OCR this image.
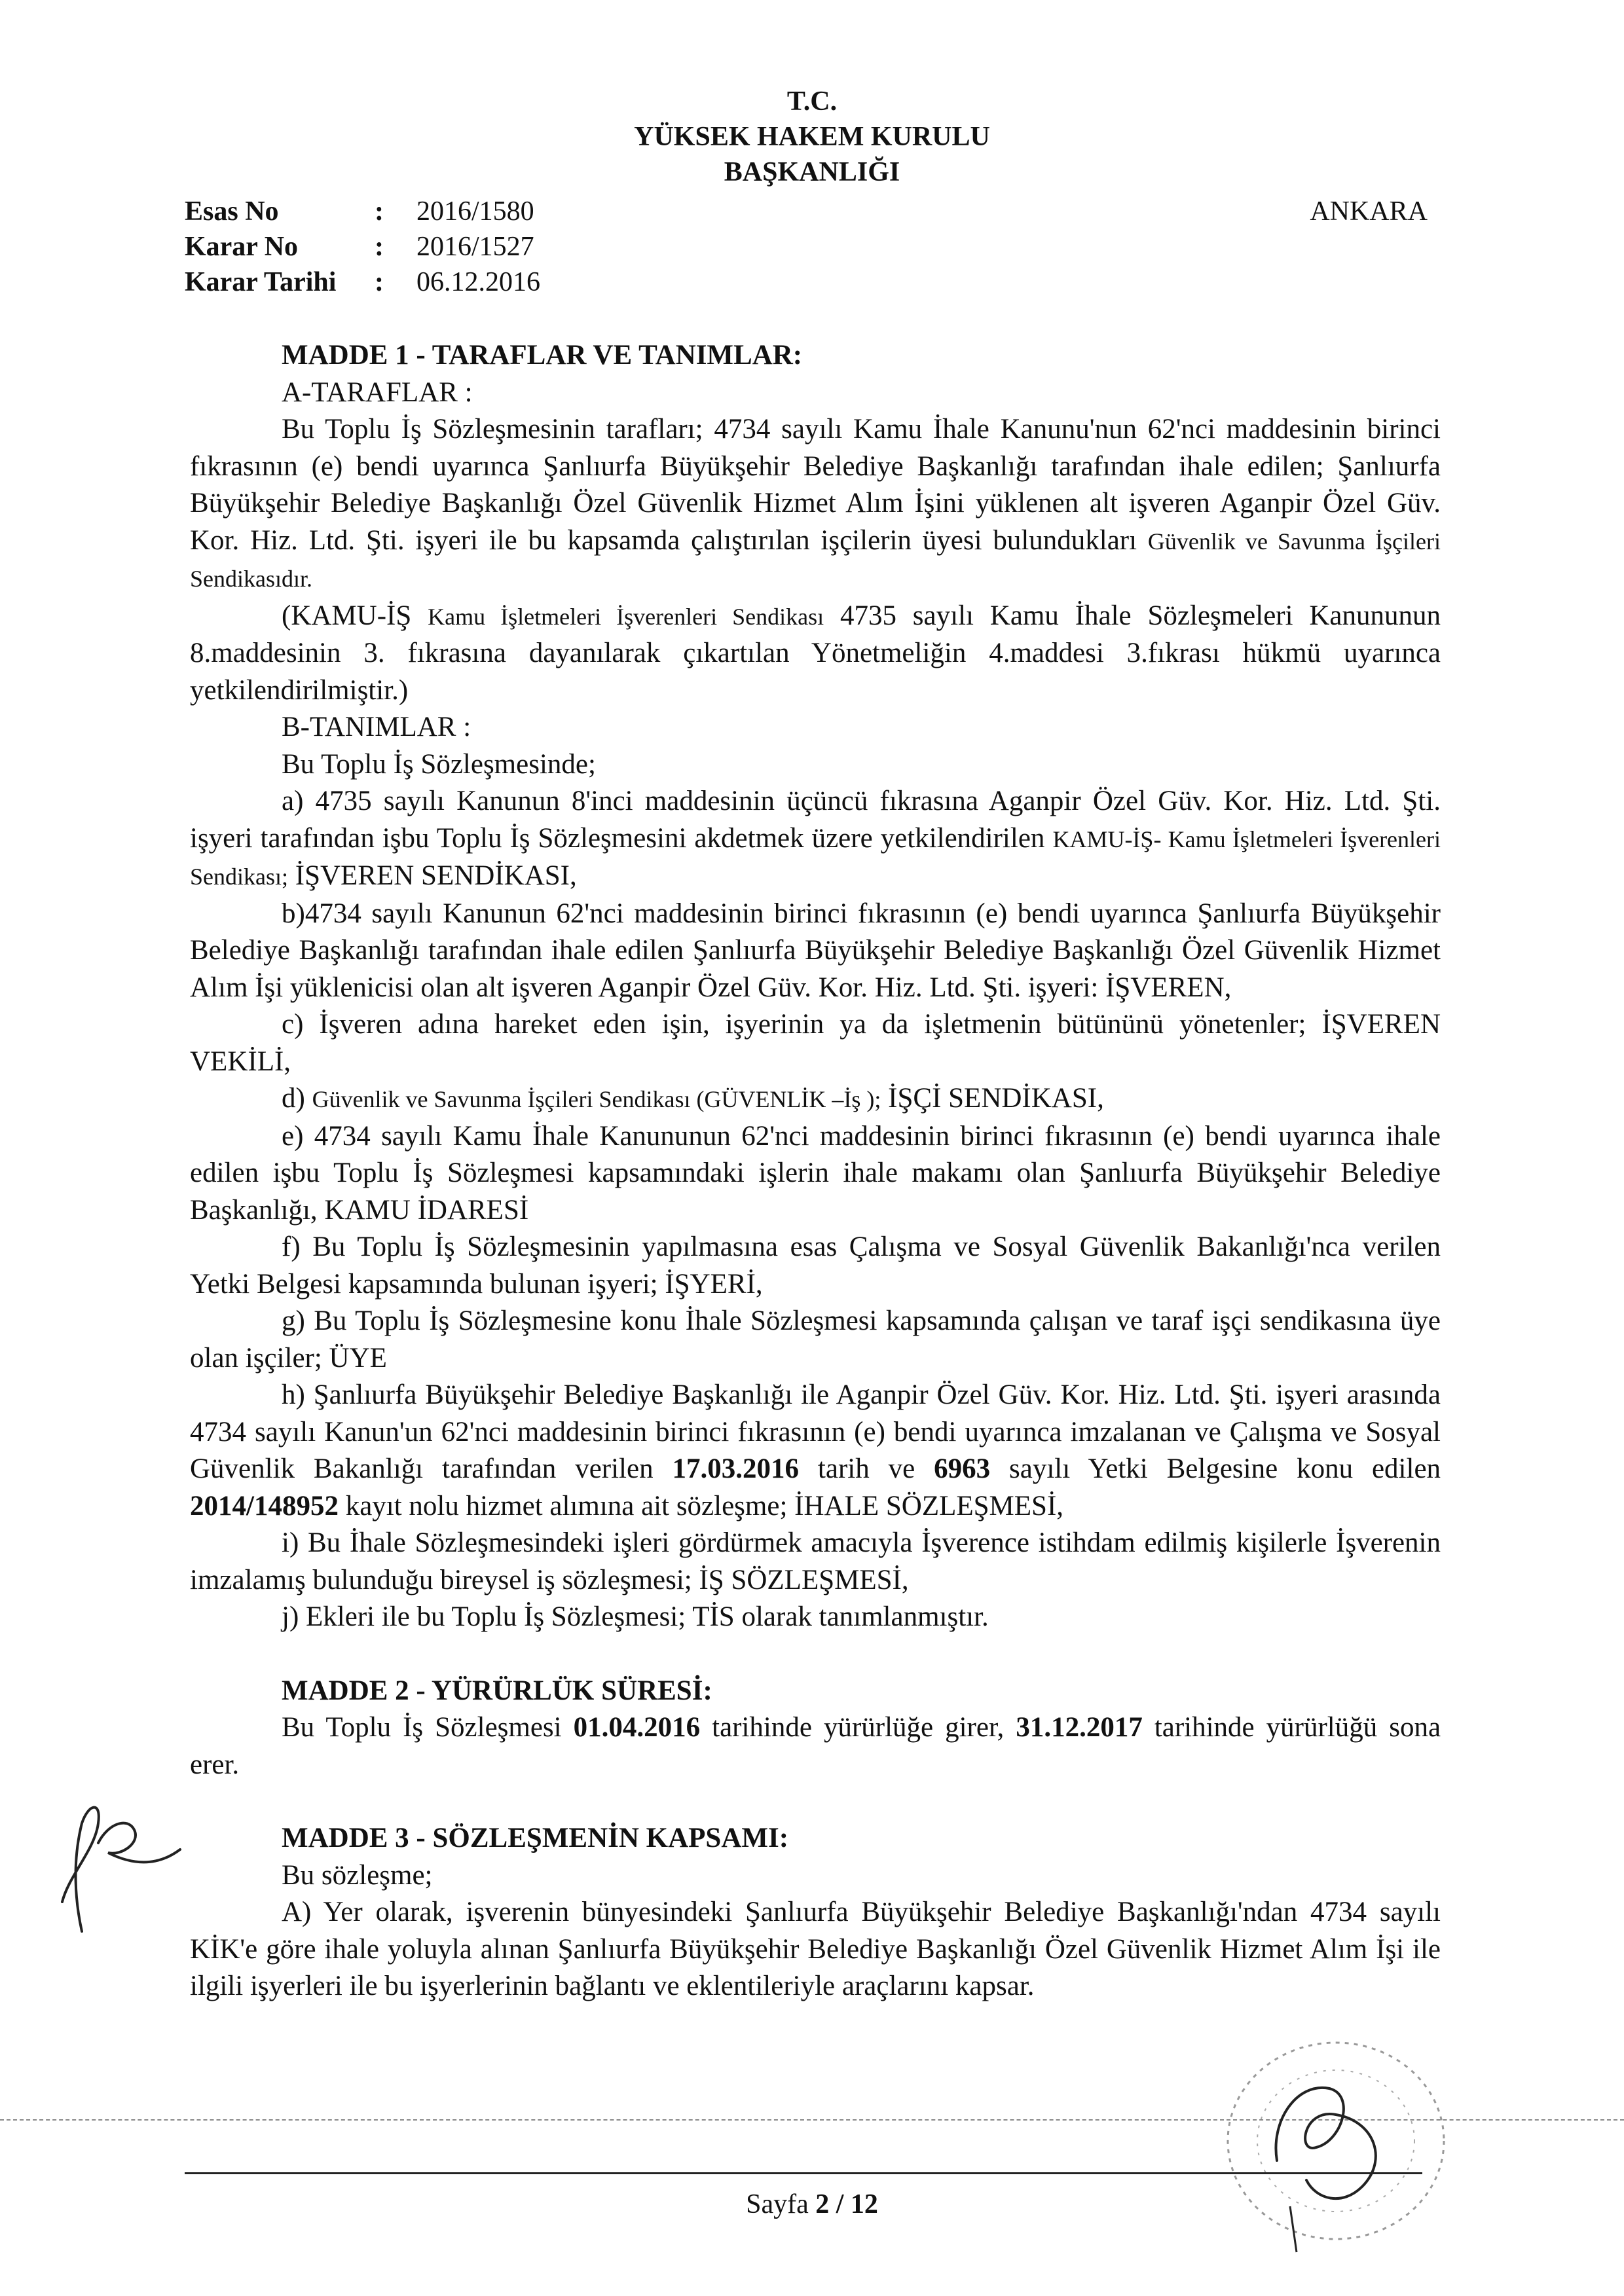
T.C.
YÜKSEK HAKEM KURULU
BAŞKANLIĞI
Esas No	:	2016/1580
Karar No	:	2016/1527
Karar Tarihi	:	06.12.2016
ANKARA

MADDE 1 - TARAFLAR VE TANIMLAR:

A-TARAFLAR :

Bu Toplu İş Sözleşmesinin tarafları; 4734 sayılı Kamu İhale Kanunu'nun 62'nci maddesinin birinci fıkrasının (e) bendi uyarınca Şanlıurfa Büyükşehir Belediye Başkanlığı tarafından ihale edilen; Şanlıurfa Büyükşehir Belediye Başkanlığı Özel Güvenlik Hizmet Alım İşini yüklenen alt işveren Aganpir Özel Güv. Kor. Hiz. Ltd. Şti. işyeri ile bu kapsamda çalıştırılan işçilerin üyesi bulundukları Güvenlik ve Savunma İşçileri Sendikasıdır.

(KAMU-İŞ Kamu İşletmeleri İşverenleri Sendikası 4735 sayılı Kamu İhale Sözleşmeleri Kanununun 8.maddesinin 3. fıkrasına dayanılarak çıkartılan Yönetmeliğin 4.maddesi 3.fıkrası hükmü uyarınca yetkilendirilmiştir.)

B-TANIMLAR :

Bu Toplu İş Sözleşmesinde;

a) 4735 sayılı Kanunun 8'inci maddesinin üçüncü fıkrasına Aganpir Özel Güv. Kor. Hiz. Ltd. Şti. işyeri tarafından işbu Toplu İş Sözleşmesini akdetmek üzere yetkilendirilen KAMU-İŞ- Kamu İşletmeleri İşverenleri Sendikası; İŞVEREN SENDİKASI,

b)4734 sayılı Kanunun 62'nci maddesinin birinci fıkrasının (e) bendi uyarınca Şanlıurfa Büyükşehir Belediye Başkanlığı tarafından ihale edilen Şanlıurfa Büyükşehir Belediye Başkanlığı Özel Güvenlik Hizmet Alım İşi yüklenicisi olan alt işveren Aganpir Özel Güv. Kor. Hiz. Ltd. Şti. işyeri: İŞVEREN,

c) İşveren adına hareket eden işin, işyerinin ya da işletmenin bütününü yönetenler; İŞVEREN VEKİLİ,

d) Güvenlik ve Savunma İşçileri Sendikası (GÜVENLİK –İş ); İŞÇİ SENDİKASI,

e) 4734 sayılı Kamu İhale Kanununun 62'nci maddesinin birinci fıkrasının (e) bendi uyarınca ihale edilen işbu Toplu İş Sözleşmesi kapsamındaki işlerin ihale makamı olan Şanlıurfa Büyükşehir Belediye Başkanlığı, KAMU İDARESİ

f) Bu Toplu İş Sözleşmesinin yapılmasına esas Çalışma ve Sosyal Güvenlik Bakanlığı'nca verilen Yetki Belgesi kapsamında bulunan işyeri; İŞYERİ,

g) Bu Toplu İş Sözleşmesine konu İhale Sözleşmesi kapsamında çalışan ve taraf işçi sendikasına üye olan işçiler; ÜYE

h) Şanlıurfa Büyükşehir Belediye Başkanlığı ile Aganpir Özel Güv. Kor. Hiz. Ltd. Şti. işyeri arasında 4734 sayılı Kanun'un 62'nci maddesinin birinci fıkrasının (e) bendi uyarınca imzalanan ve Çalışma ve Sosyal Güvenlik Bakanlığı tarafından verilen 17.03.2016 tarih ve 6963 sayılı Yetki Belgesine konu edilen 2014/148952 kayıt nolu hizmet alımına ait sözleşme; İHALE SÖZLEŞMESİ,

i) Bu İhale Sözleşmesindeki işleri gördürmek amacıyla İşverence istihdam edilmiş kişilerle İşverenin imzalamış bulunduğu bireysel iş sözleşmesi; İŞ SÖZLEŞMESİ,

j) Ekleri ile bu Toplu İş Sözleşmesi; TİS olarak tanımlanmıştır.

MADDE 2 - YÜRÜRLÜK SÜRESİ:

Bu Toplu İş Sözleşmesi 01.04.2016 tarihinde yürürlüğe girer, 31.12.2017 tarihinde yürürlüğü sona erer.

MADDE 3 - SÖZLEŞMENİN KAPSAMI:

Bu sözleşme;

A) Yer olarak, işverenin bünyesindeki Şanlıurfa Büyükşehir Belediye Başkanlığı'ndan 4734 sayılı KİK'e göre ihale yoluyla alınan Şanlıurfa Büyükşehir Belediye Başkanlığı Özel Güvenlik Hizmet Alım İşi ile ilgili işyerleri ile bu işyerlerinin bağlantı ve eklentileriyle araçlarını kapsar.

Sayfa 2 / 12
